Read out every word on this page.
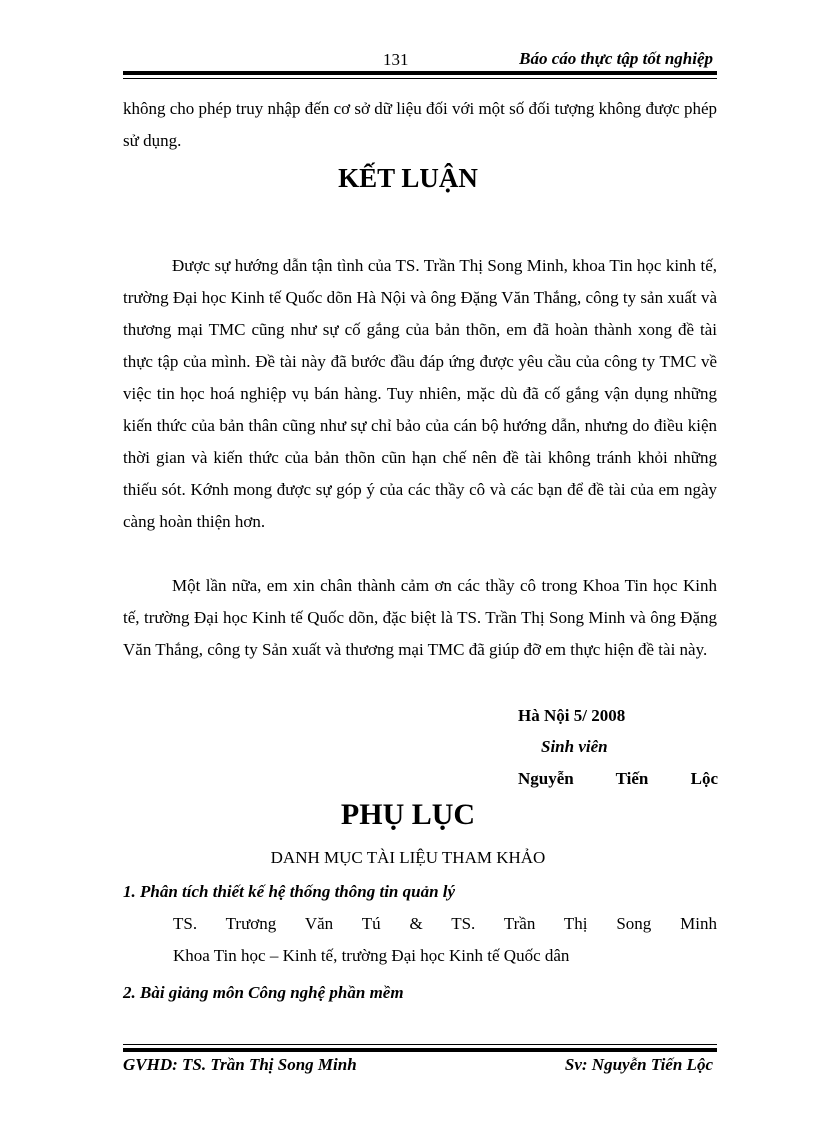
131	Báo cáo thực tập tốt nghiệp

không cho phép truy nhập đến cơ sở dữ liệu đối với một số đối tượng không được phép sử dụng.

KẾT LUẬN

Được sự hướng dẫn tận tình của TS. Trần Thị Song Minh, khoa Tin học kinh tế, trường Đại học Kinh tế Quốc dõn Hà Nội và ông Đặng Văn Thắng, công ty sản xuất và thương mại TMC cũng như sự cố gắng của bản thõn, em đã hoàn thành xong đề tài thực tập của mình. Đề tài này đã bước đầu đáp ứng được yêu cầu của công ty TMC về việc tin học hoá nghiệp vụ bán hàng. Tuy nhiên, mặc dù đã cố gắng vận dụng những kiến thức của bản thân cũng như sự chỉ bảo của cán bộ hướng dẫn, nhưng do điều kiện thời gian và kiến thức của bản thõn cũn hạn chế nên đề tài không tránh khỏi những thiếu sót. Kớnh mong được sự góp ý của các thầy cô và các bạn để đề tài của em ngày càng hoàn thiện hơn.

Một lần nữa, em xin chân thành cảm ơn các thầy cô trong Khoa Tin học Kinh tế, trường Đại học Kinh tế Quốc dõn, đặc biệt là TS. Trần Thị Song Minh và ông Đặng Văn Thắng, công ty Sản xuất và thương mại TMC đã giúp đỡ em thực hiện đề tài này.

Hà Nội 5/ 2008
Sinh viên
Nguyễn Tiến Lộc
PHỤ LỤC
DANH MỤC TÀI LIỆU THAM KHẢO
1. Phân tích thiết kế hệ thống thông tin quản lý
TS. Trương Văn Tú & TS. Trần Thị Song Minh
Khoa Tin học – Kinh tế, trường Đại học Kinh tế Quốc dân
2. Bài giảng môn Công nghệ phần mềm
GVHD: TS. Trần Thị Song Minh	Sv: Nguyễn Tiến Lộc
